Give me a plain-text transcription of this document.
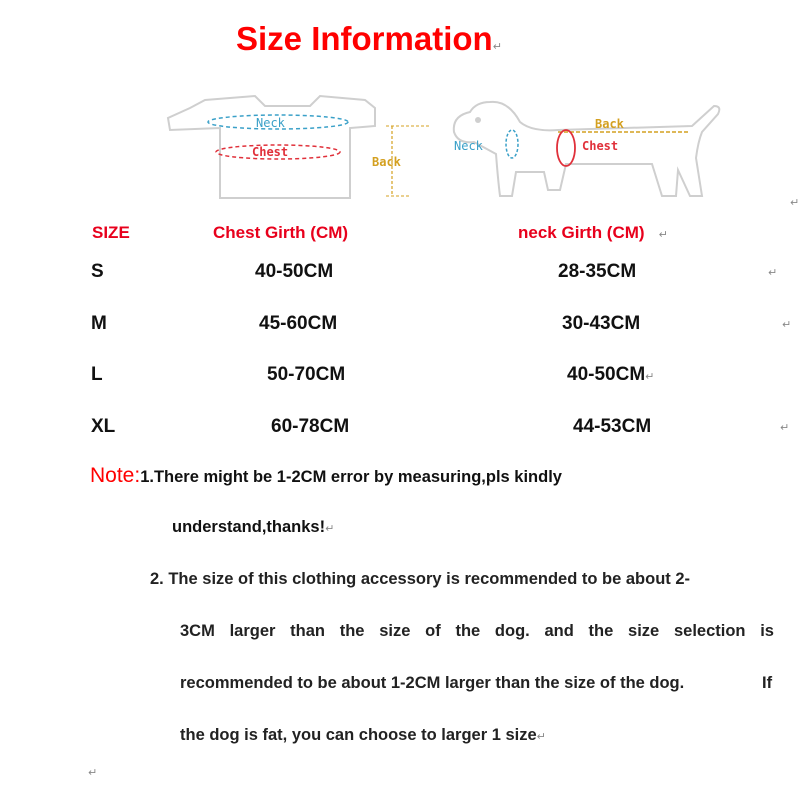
Size Information↵
Neck
Chest
Back
Back
Neck	Chest
↵
SIZE	Chest Girth (CM)	neck Girth (CM) ↵
S	40-50CM	28-35CM	↵
M	45-60CM	30-43CM	↵
L	50-70CM	40-50CM↵
XL	60-78CM	44-53CM	↵
Note:1.There might be 1-2CM error by measuring,pls kindly
understand,thanks!↵
2. The size of this clothing accessory is recommended to be about 2-
3CM larger than the size of the dog. and the size selection is
recommended to be about 1-2CM larger than the size of the dog.	If
the dog is fat, you can choose to larger 1 size↵
↵
